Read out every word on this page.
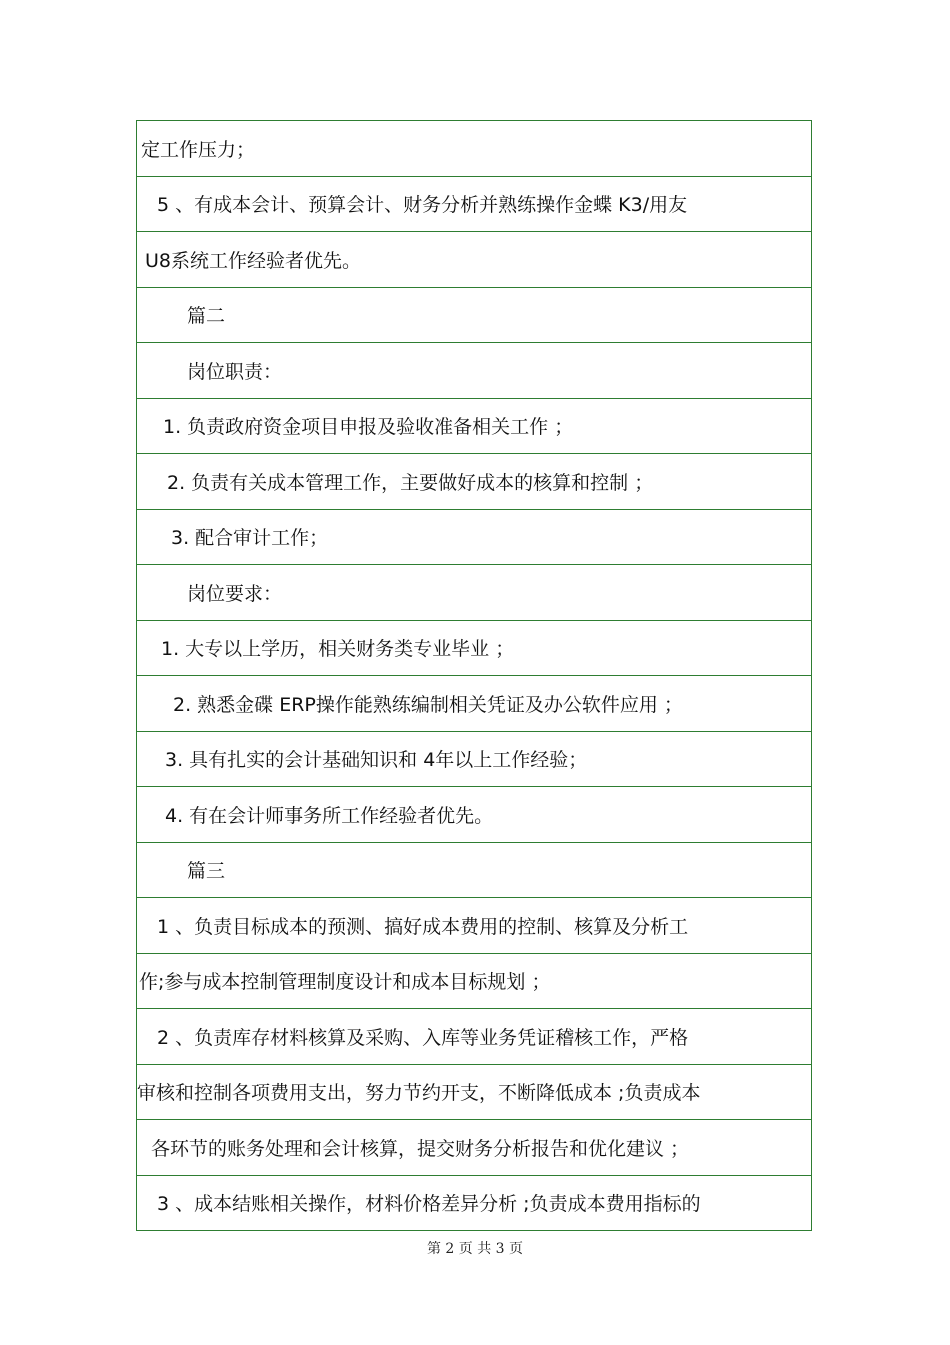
定工作压力；
5 、有成本会计、预算会计、财务分析并熟练操作金蝶 K3/用友
U8系统工作经验者优先。
篇二
岗位职责：
1. 负责政府资金项目申报及验收准备相关工作 ；
2. 负责有关成本管理工作，主要做好成本的核算和控制 ；
3. 配合审计工作；
岗位要求：
1. 大专以上学历，相关财务类专业毕业 ；
2. 熟悉金碟 ERP操作能熟练编制相关凭证及办公软件应用 ；
3. 具有扎实的会计基础知识和 4年以上工作经验；
4. 有在会计师事务所工作经验者优先。
篇三
1 、负责目标成本的预测、搞好成本费用的控制、核算及分析工
作;参与成本控制管理制度设计和成本目标规划 ；
2 、负责库存材料核算及采购、入库等业务凭证稽核工作，严格
审核和控制各项费用支出，努力节约开支，不断降低成本 ;负责成本
各环节的账务处理和会计核算，提交财务分析报告和优化建议 ；
3 、成本结账相关操作，材料价格差异分析 ;负责成本费用指标的
第 2 页 共 3 页
